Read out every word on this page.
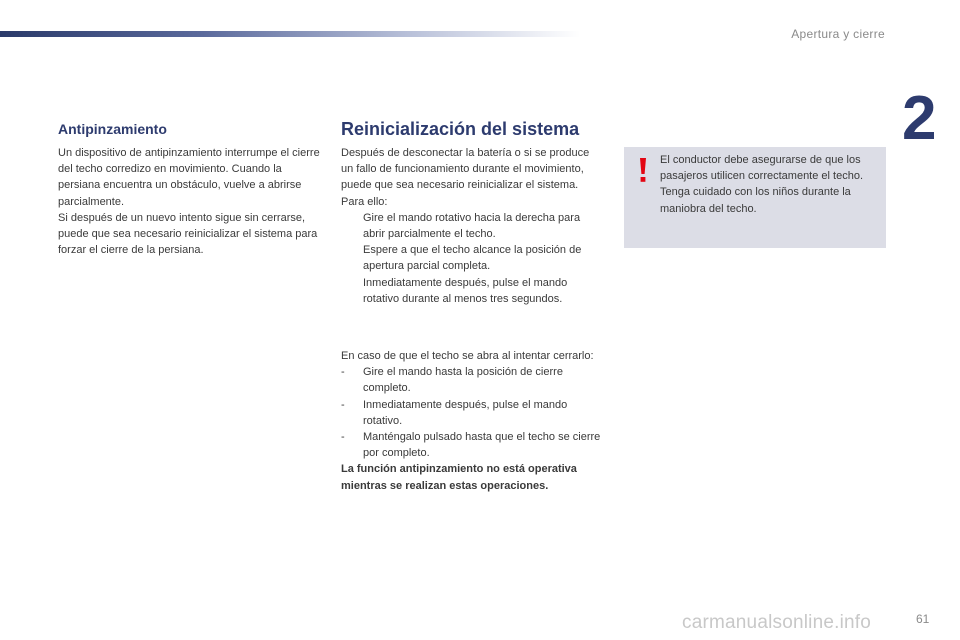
Apertura y cierre
2
Antipinzamiento

Un dispositivo de antipinzamiento interrumpe el cierre del techo corredizo en movimiento. Cuando la persiana encuentra un obstáculo, vuelve a abrirse parcialmente.

Si después de un nuevo intento sigue sin cerrarse, puede que sea necesario reinicializar el sistema para forzar el cierre de la persiana.

Reinicialización del sistema

Después de desconectar la batería o si se produce un fallo de funcionamiento durante el movimiento, puede que sea necesario reinicializar el sistema. Para ello:

Gire el mando rotativo hacia la derecha para abrir parcialmente el techo.
Espere a que el techo alcance la posición de apertura parcial completa.
Inmediatamente después, pulse el mando rotativo durante al menos tres segundos.

En caso de que el techo se abra al intentar cerrarlo:

-	Gire el mando hasta la posición de cierre completo.
-	Inmediatamente después, pulse el mando rotativo.
-	Manténgalo pulsado hasta que el techo se cierre por completo.

La función antipinzamiento no está operativa mientras se realizan estas operaciones.

El conductor debe asegurarse de que los pasajeros utilicen correctamente el techo. Tenga cuidado con los niños durante la maniobra del techo.
carmanualsonline.info	61
